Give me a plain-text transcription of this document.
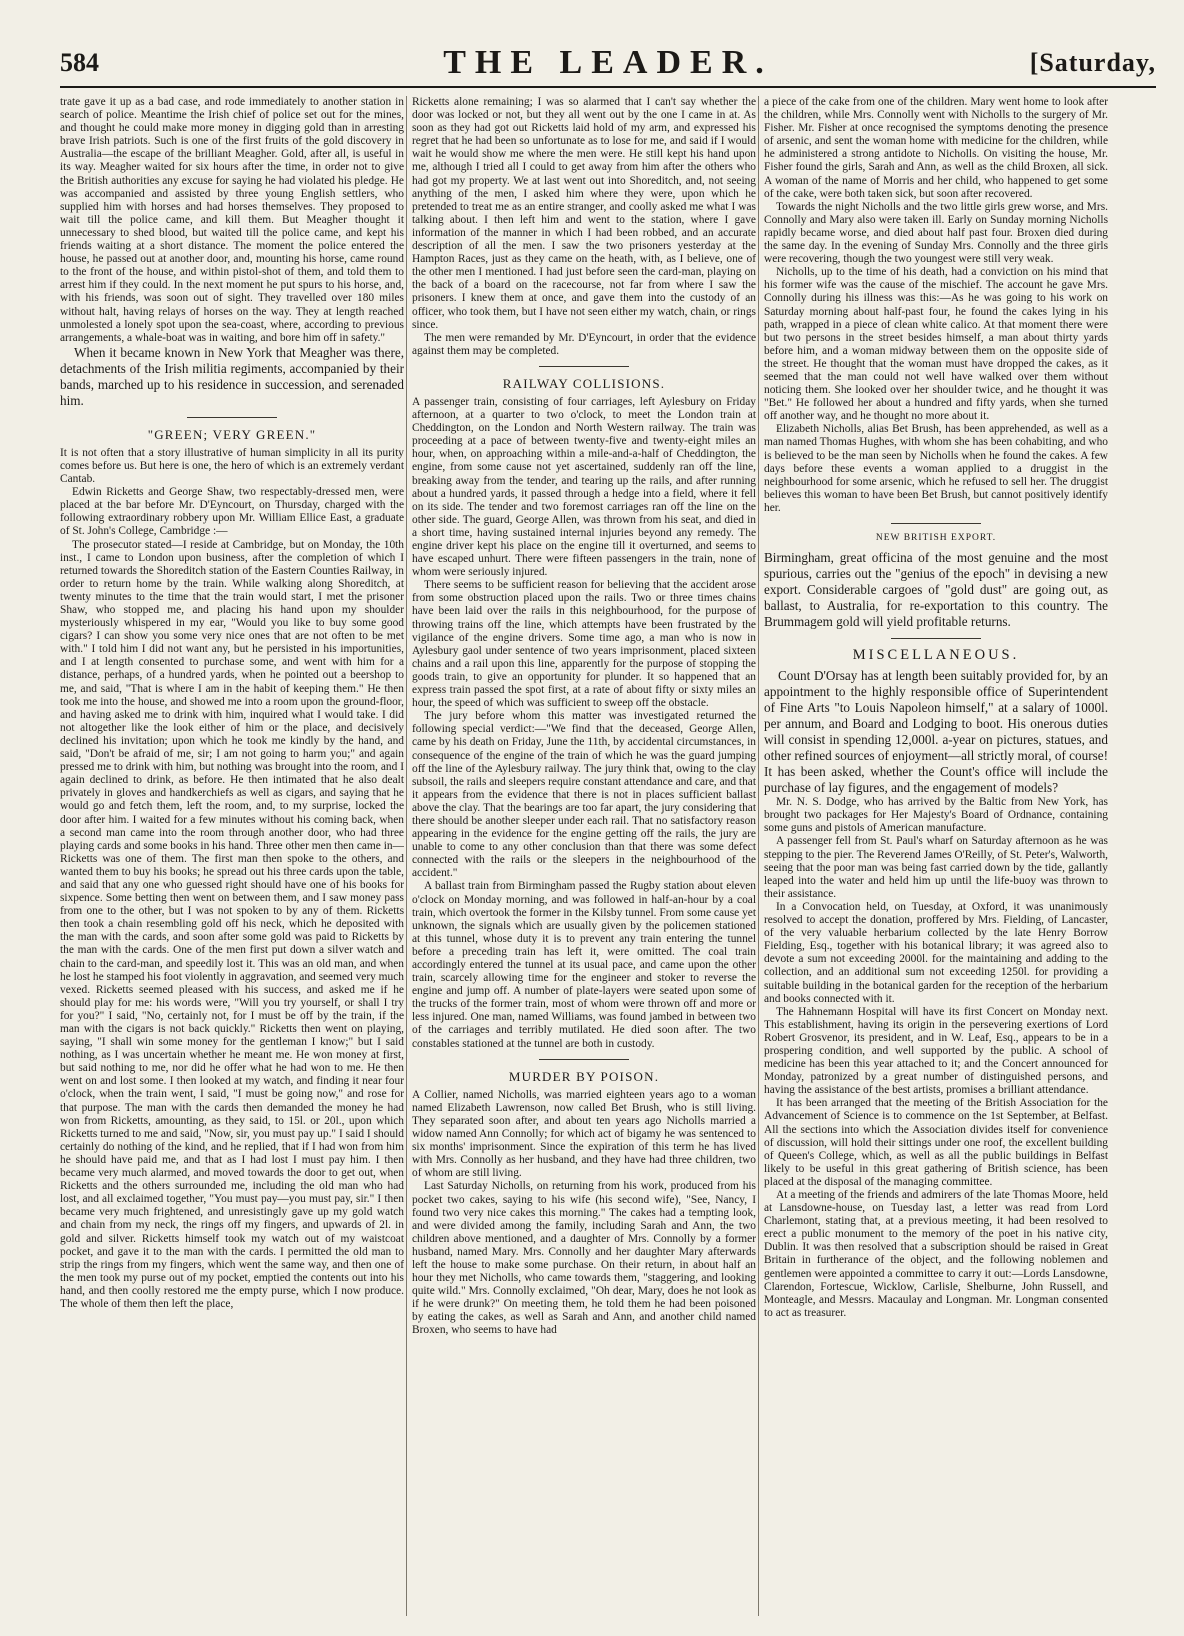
584	THE LEADER.	[Saturday,

trate gave it up as a bad case, and rode immediately to another station in search of police. Meantime the Irish chief of police set out for the mines, and thought he could make more money in digging gold than in arresting brave Irish patriots. Such is one of the first fruits of the gold discovery in Australia—the escape of the brilliant Meagher. Gold, after all, is useful in its way. Meagher waited for six hours after the time, in order not to give the British authorities any excuse for saying he had violated his pledge. He was accompanied and assisted by three young English settlers, who supplied him with horses and had horses themselves. They proposed to wait till the police came, and kill them. But Meagher thought it unnecessary to shed blood, but waited till the police came, and kept his friends waiting at a short distance. The moment the police entered the house, he passed out at another door, and, mounting his horse, came round to the front of the house, and within pistol-shot of them, and told them to arrest him if they could. In the next moment he put spurs to his horse, and, with his friends, was soon out of sight. They travelled over 180 miles without halt, having relays of horses on the way. They at length reached unmolested a lonely spot upon the sea-coast, where, according to previous arrangements, a whale-boat was in waiting, and bore him off in safety."

When it became known in New York that Meagher was there, detachments of the Irish militia regiments, accompanied by their bands, marched up to his residence in succession, and serenaded him.

"GREEN; VERY GREEN."

It is not often that a story illustrative of human simplicity in all its purity comes before us. But here is one, the hero of which is an extremely verdant Cantab.

Edwin Ricketts and George Shaw, two respectably-dressed men, were placed at the bar before Mr. D'Eyncourt, on Thursday, charged with the following extraordinary robbery upon Mr. William Ellice East, a graduate of St. John's College, Cambridge :—

The prosecutor stated—I reside at Cambridge, but on Monday, the 10th inst., I came to London upon business, after the completion of which I returned towards the Shoreditch station of the Eastern Counties Railway, in order to return home by the train. While walking along Shoreditch, at twenty minutes to the time that the train would start, I met the prisoner Shaw, who stopped me, and placing his hand upon my shoulder mysteriously whispered in my ear, "Would you like to buy some good cigars? I can show you some very nice ones that are not often to be met with." I told him I did not want any, but he persisted in his importunities, and I at length consented to purchase some, and went with him for a distance, perhaps, of a hundred yards, when he pointed out a beershop to me, and said, "That is where I am in the habit of keeping them." He then took me into the house, and showed me into a room upon the ground-floor, and having asked me to drink with him, inquired what I would take. I did not altogether like the look either of him or the place, and decisively declined his invitation; upon which he took me kindly by the hand, and said, "Don't be afraid of me, sir; I am not going to harm you;" and again pressed me to drink with him, but nothing was brought into the room, and I again declined to drink, as before. He then intimated that he also dealt privately in gloves and handkerchiefs as well as cigars, and saying that he would go and fetch them, left the room, and, to my surprise, locked the door after him. I waited for a few minutes without his coming back, when a second man came into the room through another door, who had three playing cards and some books in his hand. Three other men then came in—Ricketts was one of them. The first man then spoke to the others, and wanted them to buy his books; he spread out his three cards upon the table, and said that any one who guessed right should have one of his books for sixpence. Some betting then went on between them, and I saw money pass from one to the other, but I was not spoken to by any of them. Ricketts then took a chain resembling gold off his neck, which he deposited with the man with the cards, and soon after some gold was paid to Ricketts by the man with the cards. One of the men first put down a silver watch and chain to the card-man, and speedily lost it. This was an old man, and when he lost he stamped his foot violently in aggravation, and seemed very much vexed. Ricketts seemed pleased with his success, and asked me if he should play for me: his words were, "Will you try yourself, or shall I try for you?" I said, "No, certainly not, for I must be off by the train, if the man with the cigars is not back quickly." Ricketts then went on playing, saying, "I shall win some money for the gentleman I know;" but I said nothing, as I was uncertain whether he meant me. He won money at first, but said nothing to me, nor did he offer what he had won to me. He then went on and lost some. I then looked at my watch, and finding it near four o'clock, when the train went, I said, "I must be going now," and rose for that purpose. The man with the cards then demanded the money he had won from Ricketts, amounting, as they said, to 15l. or 20l., upon which Ricketts turned to me and said, "Now, sir, you must pay up." I said I should certainly do nothing of the kind, and he replied, that if I had won from him he should have paid me, and that as I had lost I must pay him. I then became very much alarmed, and moved towards the door to get out, when Ricketts and the others surrounded me, including the old man who had lost, and all exclaimed together, "You must pay—you must pay, sir." I then became very much frightened, and unresistingly gave up my gold watch and chain from my neck, the rings off my fingers, and upwards of 2l. in gold and silver. Ricketts himself took my watch out of my waistcoat pocket, and gave it to the man with the cards. I permitted the old man to strip the rings from my fingers, which went the same way, and then one of the men took my purse out of my pocket, emptied the contents out into his hand, and then coolly restored me the empty purse, which I now produce. The whole of them then left the place,

Ricketts alone remaining; I was so alarmed that I can't say whether the door was locked or not, but they all went out by the one I came in at. As soon as they had got out Ricketts laid hold of my arm, and expressed his regret that he had been so unfortunate as to lose for me, and said if I would wait he would show me where the men were. He still kept his hand upon me, although I tried all I could to get away from him after the others who had got my property. We at last went out into Shoreditch, and, not seeing anything of the men, I asked him where they were, upon which he pretended to treat me as an entire stranger, and coolly asked me what I was talking about. I then left him and went to the station, where I gave information of the manner in which I had been robbed, and an accurate description of all the men. I saw the two prisoners yesterday at the Hampton Races, just as they came on the heath, with, as I believe, one of the other men I mentioned. I had just before seen the card-man, playing on the back of a board on the racecourse, not far from where I saw the prisoners. I knew them at once, and gave them into the custody of an officer, who took them, but I have not seen either my watch, chain, or rings since.

The men were remanded by Mr. D'Eyncourt, in order that the evidence against them may be completed.

RAILWAY COLLISIONS.

A passenger train, consisting of four carriages, left Aylesbury on Friday afternoon, at a quarter to two o'clock, to meet the London train at Cheddington, on the London and North Western railway. The train was proceeding at a pace of between twenty-five and twenty-eight miles an hour, when, on approaching within a mile-and-a-half of Cheddington, the engine, from some cause not yet ascertained, suddenly ran off the line, breaking away from the tender, and tearing up the rails, and after running about a hundred yards, it passed through a hedge into a field, where it fell on its side. The tender and two foremost carriages ran off the line on the other side. The guard, George Allen, was thrown from his seat, and died in a short time, having sustained internal injuries beyond any remedy. The engine driver kept his place on the engine till it overturned, and seems to have escaped unhurt. There were fifteen passengers in the train, none of whom were seriously injured.

There seems to be sufficient reason for believing that the accident arose from some obstruction placed upon the rails. Two or three times chains have been laid over the rails in this neighbourhood, for the purpose of throwing trains off the line, which attempts have been frustrated by the vigilance of the engine drivers. Some time ago, a man who is now in Aylesbury gaol under sentence of two years imprisonment, placed sixteen chains and a rail upon this line, apparently for the purpose of stopping the goods train, to give an opportunity for plunder. It so happened that an express train passed the spot first, at a rate of about fifty or sixty miles an hour, the speed of which was sufficient to sweep off the obstacle.

The jury before whom this matter was investigated returned the following special verdict:—"We find that the deceased, George Allen, came by his death on Friday, June the 11th, by accidental circumstances, in consequence of the engine of the train of which he was the guard jumping off the line of the Aylesbury railway. The jury think that, owing to the clay subsoil, the rails and sleepers require constant attendance and care, and that it appears from the evidence that there is not in places sufficient ballast above the clay. That the bearings are too far apart, the jury considering that there should be another sleeper under each rail. That no satisfactory reason appearing in the evidence for the engine getting off the rails, the jury are unable to come to any other conclusion than that there was some defect connected with the rails or the sleepers in the neighbourhood of the accident."

A ballast train from Birmingham passed the Rugby station about eleven o'clock on Monday morning, and was followed in half-an-hour by a coal train, which overtook the former in the Kilsby tunnel. From some cause yet unknown, the signals which are usually given by the policemen stationed at this tunnel, whose duty it is to prevent any train entering the tunnel before a preceding train has left it, were omitted. The coal train accordingly entered the tunnel at its usual pace, and came upon the other train, scarcely allowing time for the engineer and stoker to reverse the engine and jump off. A number of plate-layers were seated upon some of the trucks of the former train, most of whom were thrown off and more or less injured. One man, named Williams, was found jambed in between two of the carriages and terribly mutilated. He died soon after. The two constables stationed at the tunnel are both in custody.

MURDER BY POISON.

A Collier, named Nicholls, was married eighteen years ago to a woman named Elizabeth Lawrenson, now called Bet Brush, who is still living. They separated soon after, and about ten years ago Nicholls married a widow named Ann Connolly; for which act of bigamy he was sentenced to six months' imprisonment. Since the expiration of this term he has lived with Mrs. Connolly as her husband, and they have had three children, two of whom are still living.

Last Saturday Nicholls, on returning from his work, produced from his pocket two cakes, saying to his wife (his second wife), "See, Nancy, I found two very nice cakes this morning." The cakes had a tempting look, and were divided among the family, including Sarah and Ann, the two children above mentioned, and a daughter of Mrs. Connolly by a former husband, named Mary. Mrs. Connolly and her daughter Mary afterwards left the house to make some purchase. On their return, in about half an hour they met Nicholls, who came towards them, "staggering, and looking quite wild." Mrs. Connolly exclaimed, "Oh dear, Mary, does he not look as if he were drunk?" On meeting them, he told them he had been poisoned by eating the cakes, as well as Sarah and Ann, and another child named Broxen, who seems to have had

a piece of the cake from one of the children. Mary went home to look after the children, while Mrs. Connolly went with Nicholls to the surgery of Mr. Fisher. Mr. Fisher at once recognised the symptoms denoting the presence of arsenic, and sent the woman home with medicine for the children, while he administered a strong antidote to Nicholls. On visiting the house, Mr. Fisher found the girls, Sarah and Ann, as well as the child Broxen, all sick. A woman of the name of Morris and her child, who happened to get some of the cake, were both taken sick, but soon after recovered.

Towards the night Nicholls and the two little girls grew worse, and Mrs. Connolly and Mary also were taken ill. Early on Sunday morning Nicholls rapidly became worse, and died about half past four. Broxen died during the same day. In the evening of Sunday Mrs. Connolly and the three girls were recovering, though the two youngest were still very weak.

Nicholls, up to the time of his death, had a conviction on his mind that his former wife was the cause of the mischief. The account he gave Mrs. Connolly during his illness was this:—As he was going to his work on Saturday morning about half-past four, he found the cakes lying in his path, wrapped in a piece of clean white calico. At that moment there were but two persons in the street besides himself, a man about thirty yards before him, and a woman midway between them on the opposite side of the street. He thought that the woman must have dropped the cakes, as it seemed that the man could not well have walked over them without noticing them. She looked over her shoulder twice, and he thought it was "Bet." He followed her about a hundred and fifty yards, when she turned off another way, and he thought no more about it.

Elizabeth Nicholls, alias Bet Brush, has been apprehended, as well as a man named Thomas Hughes, with whom she has been cohabiting, and who is believed to be the man seen by Nicholls when he found the cakes. A few days before these events a woman applied to a druggist in the neighbourhood for some arsenic, which he refused to sell her. The druggist believes this woman to have been Bet Brush, but cannot positively identify her.

NEW BRITISH EXPORT.

Birmingham, great officina of the most genuine and the most spurious, carries out the "genius of the epoch" in devising a new export. Considerable cargoes of "gold dust" are going out, as ballast, to Australia, for re-exportation to this country. The Brummagem gold will yield profitable returns.

MISCELLANEOUS.

Count D'Orsay has at length been suitably provided for, by an appointment to the highly responsible office of Superintendent of Fine Arts "to Louis Napoleon himself," at a salary of 1000l. per annum, and Board and Lodging to boot. His onerous duties will consist in spending 12,000l. a-year on pictures, statues, and other refined sources of enjoyment—all strictly moral, of course! It has been asked, whether the Count's office will include the purchase of lay figures, and the engagement of models?

Mr. N. S. Dodge, who has arrived by the Baltic from New York, has brought two packages for Her Majesty's Board of Ordnance, containing some guns and pistols of American manufacture.

A passenger fell from St. Paul's wharf on Saturday afternoon as he was stepping to the pier. The Reverend James O'Reilly, of St. Peter's, Walworth, seeing that the poor man was being fast carried down by the tide, gallantly leaped into the water and held him up until the life-buoy was thrown to their assistance.

In a Convocation held, on Tuesday, at Oxford, it was unanimously resolved to accept the donation, proffered by Mrs. Fielding, of Lancaster, of the very valuable herbarium collected by the late Henry Borrow Fielding, Esq., together with his botanical library; it was agreed also to devote a sum not exceeding 2000l. for the maintaining and adding to the collection, and an additional sum not exceeding 1250l. for providing a suitable building in the botanical garden for the reception of the herbarium and books connected with it.

The Hahnemann Hospital will have its first Concert on Monday next. This establishment, having its origin in the persevering exertions of Lord Robert Grosvenor, its president, and in W. Leaf, Esq., appears to be in a prospering condition, and well supported by the public. A school of medicine has been this year attached to it; and the Concert announced for Monday, patronized by a great number of distinguished persons, and having the assistance of the best artists, promises a brilliant attendance.

It has been arranged that the meeting of the British Association for the Advancement of Science is to commence on the 1st September, at Belfast. All the sections into which the Association divides itself for convenience of discussion, will hold their sittings under one roof, the excellent building of Queen's College, which, as well as all the public buildings in Belfast likely to be useful in this great gathering of British science, has been placed at the disposal of the managing committee.

At a meeting of the friends and admirers of the late Thomas Moore, held at Lansdowne-house, on Tuesday last, a letter was read from Lord Charlemont, stating that, at a previous meeting, it had been resolved to erect a public monument to the memory of the poet in his native city, Dublin. It was then resolved that a subscription should be raised in Great Britain in furtherance of the object, and the following noblemen and gentlemen were appointed a committee to carry it out:—Lords Lansdowne, Clarendon, Fortescue, Wicklow, Carlisle, Shelburne, John Russell, and Monteagle, and Messrs. Macaulay and Longman. Mr. Longman consented to act as treasurer.
